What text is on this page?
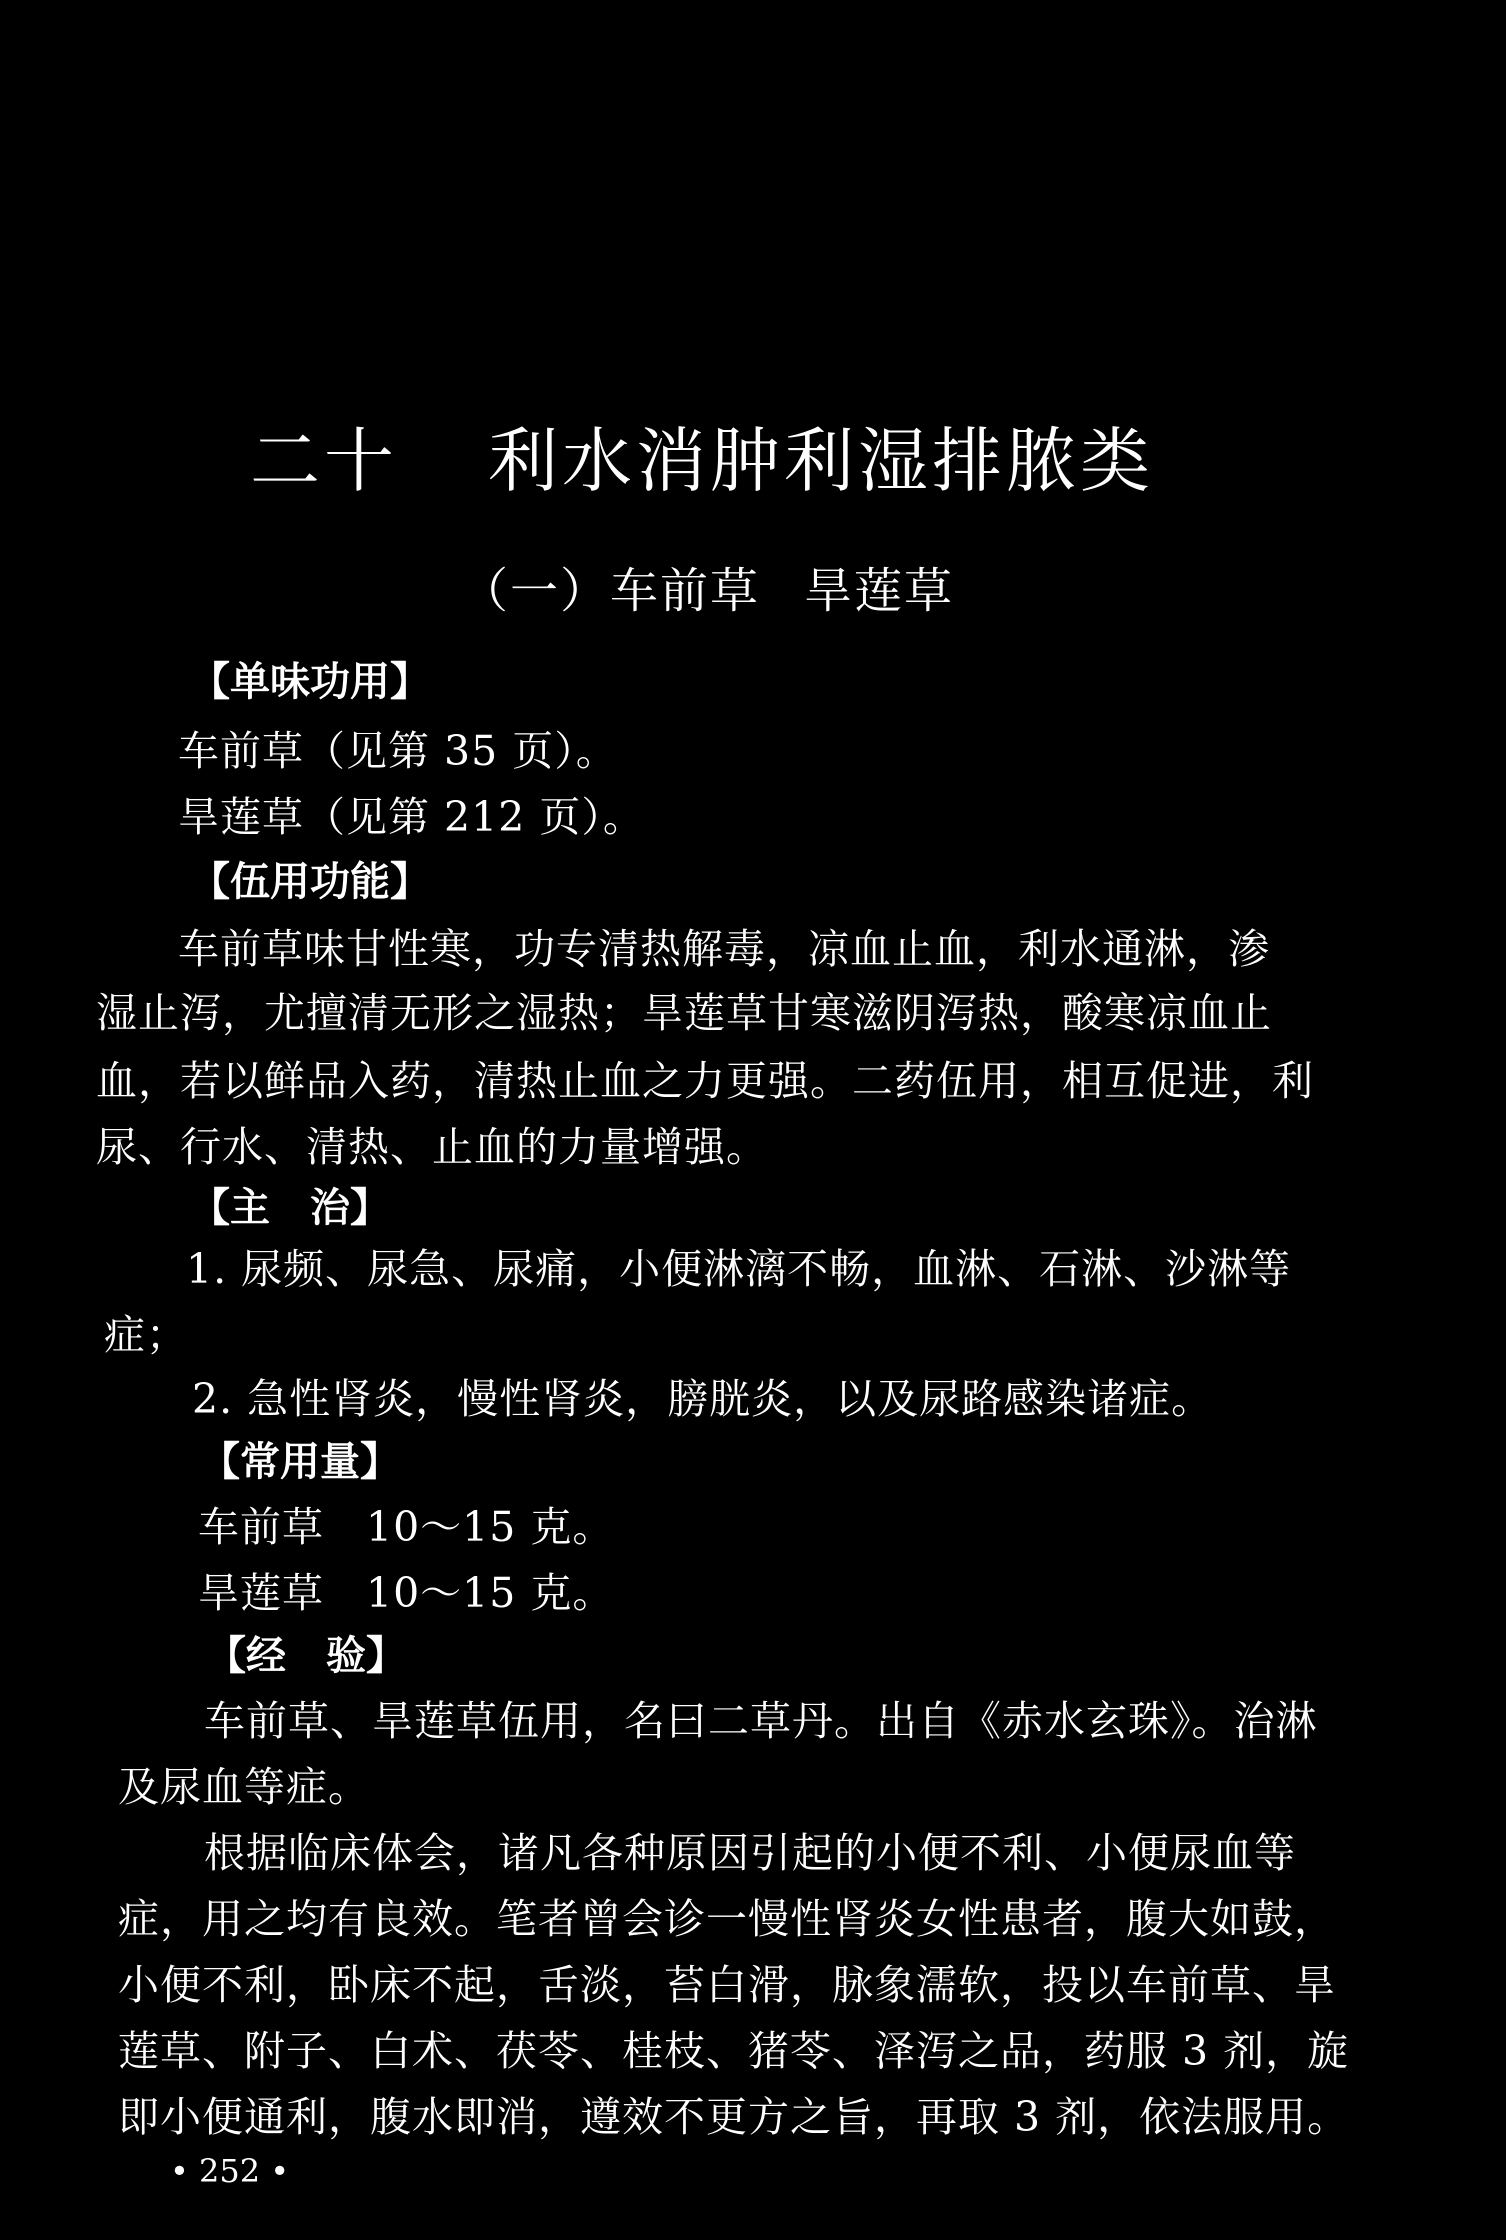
二十 利水消肿利湿排脓类
（一）车前草 旱莲草
【单味功用】
车前草（见第 35 页）。
旱莲草（见第 212 页）。
【伍用功能】
车前草味甘性寒，功专清热解毒，凉血止血，利水通淋，渗
湿止泻，尤擅清无形之湿热；旱莲草甘寒滋阴泻热，酸寒凉血止
血，若以鲜品入药，清热止血之力更强。二药伍用，相互促进，利
尿、行水、清热、止血的力量增强。
【主　治】
1. 尿频、尿急、尿痛，小便淋漓不畅，血淋、石淋、沙淋等
症；
2. 急性肾炎，慢性肾炎，膀胱炎，以及尿路感染诸症。
【常用量】
车前草　10～15 克。
旱莲草　10～15 克。
【经　验】
车前草、旱莲草伍用，名曰二草丹。出自《赤水玄珠》。治淋
及尿血等症。
根据临床体会，诸凡各种原因引起的小便不利、小便尿血等
症，用之均有良效。笔者曾会诊一慢性肾炎女性患者，腹大如鼓，
小便不利，卧床不起，舌淡，苔白滑，脉象濡软，投以车前草、旱
莲草、附子、白术、茯苓、桂枝、猪苓、泽泻之品，药服 3 剂，旋
即小便通利，腹水即消，遵效不更方之旨，再取 3 剂，依法服用。
• 252 •
